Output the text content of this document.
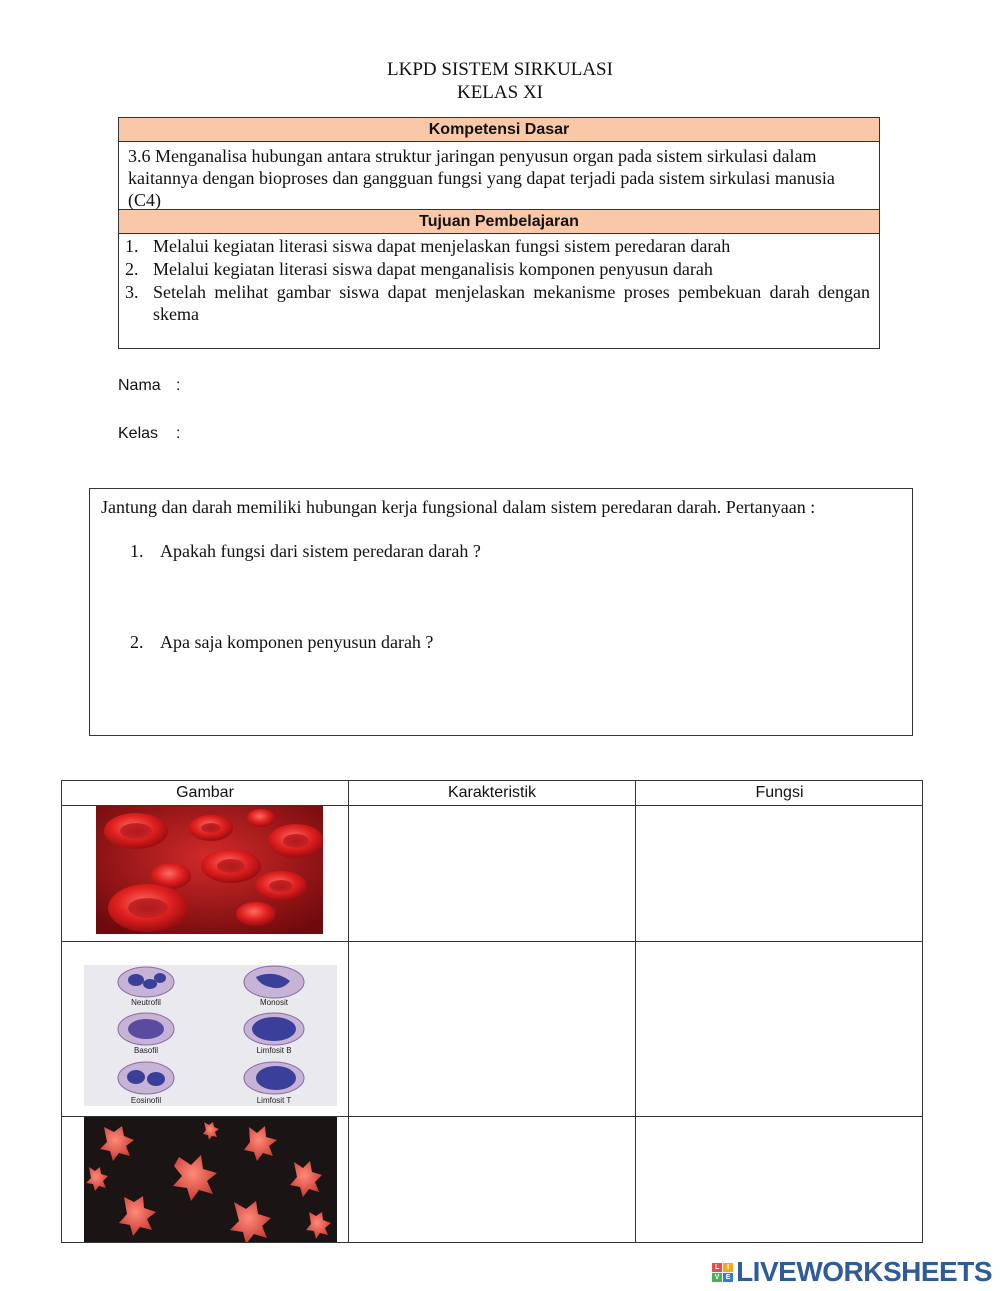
LKPD SISTEM SIRKULASI
KELAS XI
Kompetensi Dasar
3.6 Menganalisa hubungan antara struktur jaringan penyusun organ pada sistem sirkulasi dalam kaitannya dengan bioproses dan gangguan fungsi yang dapat terjadi pada sistem sirkulasi manusia (C4)
Tujuan Pembelajaran
1. Melalui kegiatan literasi siswa dapat menjelaskan fungsi sistem peredaran darah
2. Melalui kegiatan literasi siswa dapat menganalisis komponen penyusun darah
3. Setelah melihat gambar siswa dapat menjelaskan mekanisme proses pembekuan darah dengan skema
Nama :
Kelas :
Jantung dan darah memiliki hubungan kerja fungsional dalam sistem peredaran darah. Pertanyaan :
1. Apakah fungsi dari sistem peredaran darah ?
2. Apa saja komponen penyusun darah ?
Gambar	Karakteristik	Fungsi
Neutrofil	Monosit
Basofil	Limfosit B
Eosinofil	Limfosit T
L	I
V E LIVEWORKSHEETS
